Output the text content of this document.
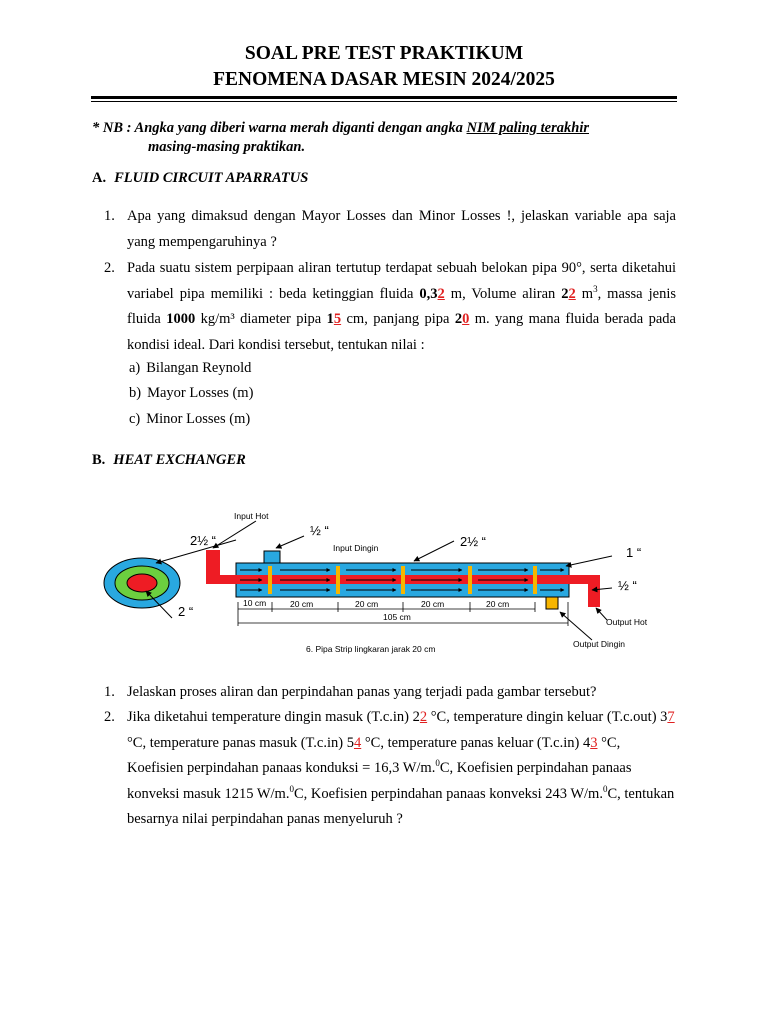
SOAL PRE TEST PRAKTIKUM
FENOMENA DASAR MESIN 2024/2025
* NB : Angka yang diberi warna merah diganti dengan angka NIM paling terakhir
masing-masing praktikan.
A. FLUID CIRCUIT APARRATUS
1. Apa yang dimaksud dengan Mayor Losses dan Minor Losses !, jelaskan variable apa saja yang mempengaruhinya ?
2. Pada suatu sistem perpipaan aliran tertutup terdapat sebuah belokan pipa 90°, serta diketahui variabel pipa memiliki : beda ketinggian fluida 0,32 m, Volume aliran 22 $m^3$, massa jenis fluida 1000 kg/m³ diameter pipa 15 cm, panjang pipa 20 m. yang mana fluida berada pada kondisi ideal. Dari kondisi tersebut, tentukan nilai :
a) Bilangan Reynold
b) Mayor Losses (m)
c) Minor Losses (m)
B. HEAT EXCHANGER
Input Hot
Input Dingin
Output Hot
Output Dingin
10 cm	20 cm	20 cm	20 cm	20 cm
105 cm
6. Pipa Strip lingkaran jarak 20 cm
½ “
2½ “	2½ “
1 “
½ “
2 “
1. Jelaskan proses aliran dan perpindahan panas yang terjadi pada gambar tersebut?
2. Jika diketahui temperature dingin masuk (T.c.in) 22 °C, temperature dingin keluar (T.c.out) 37 °C, temperature panas masuk (T.c.in) 54 °C, temperature panas keluar (T.c.in) 43 °C, Koefisien perpindahan panaas konduksi = 16,3 W/m.$^0$C, Koefisien perpindahan panaas konveksi masuk 1215 W/m.$^0$C, Koefisien perpindahan panaas konveksi 243 W/m.$^0$C, tentukan besarnya nilai perpindahan panas menyeluruh ?
